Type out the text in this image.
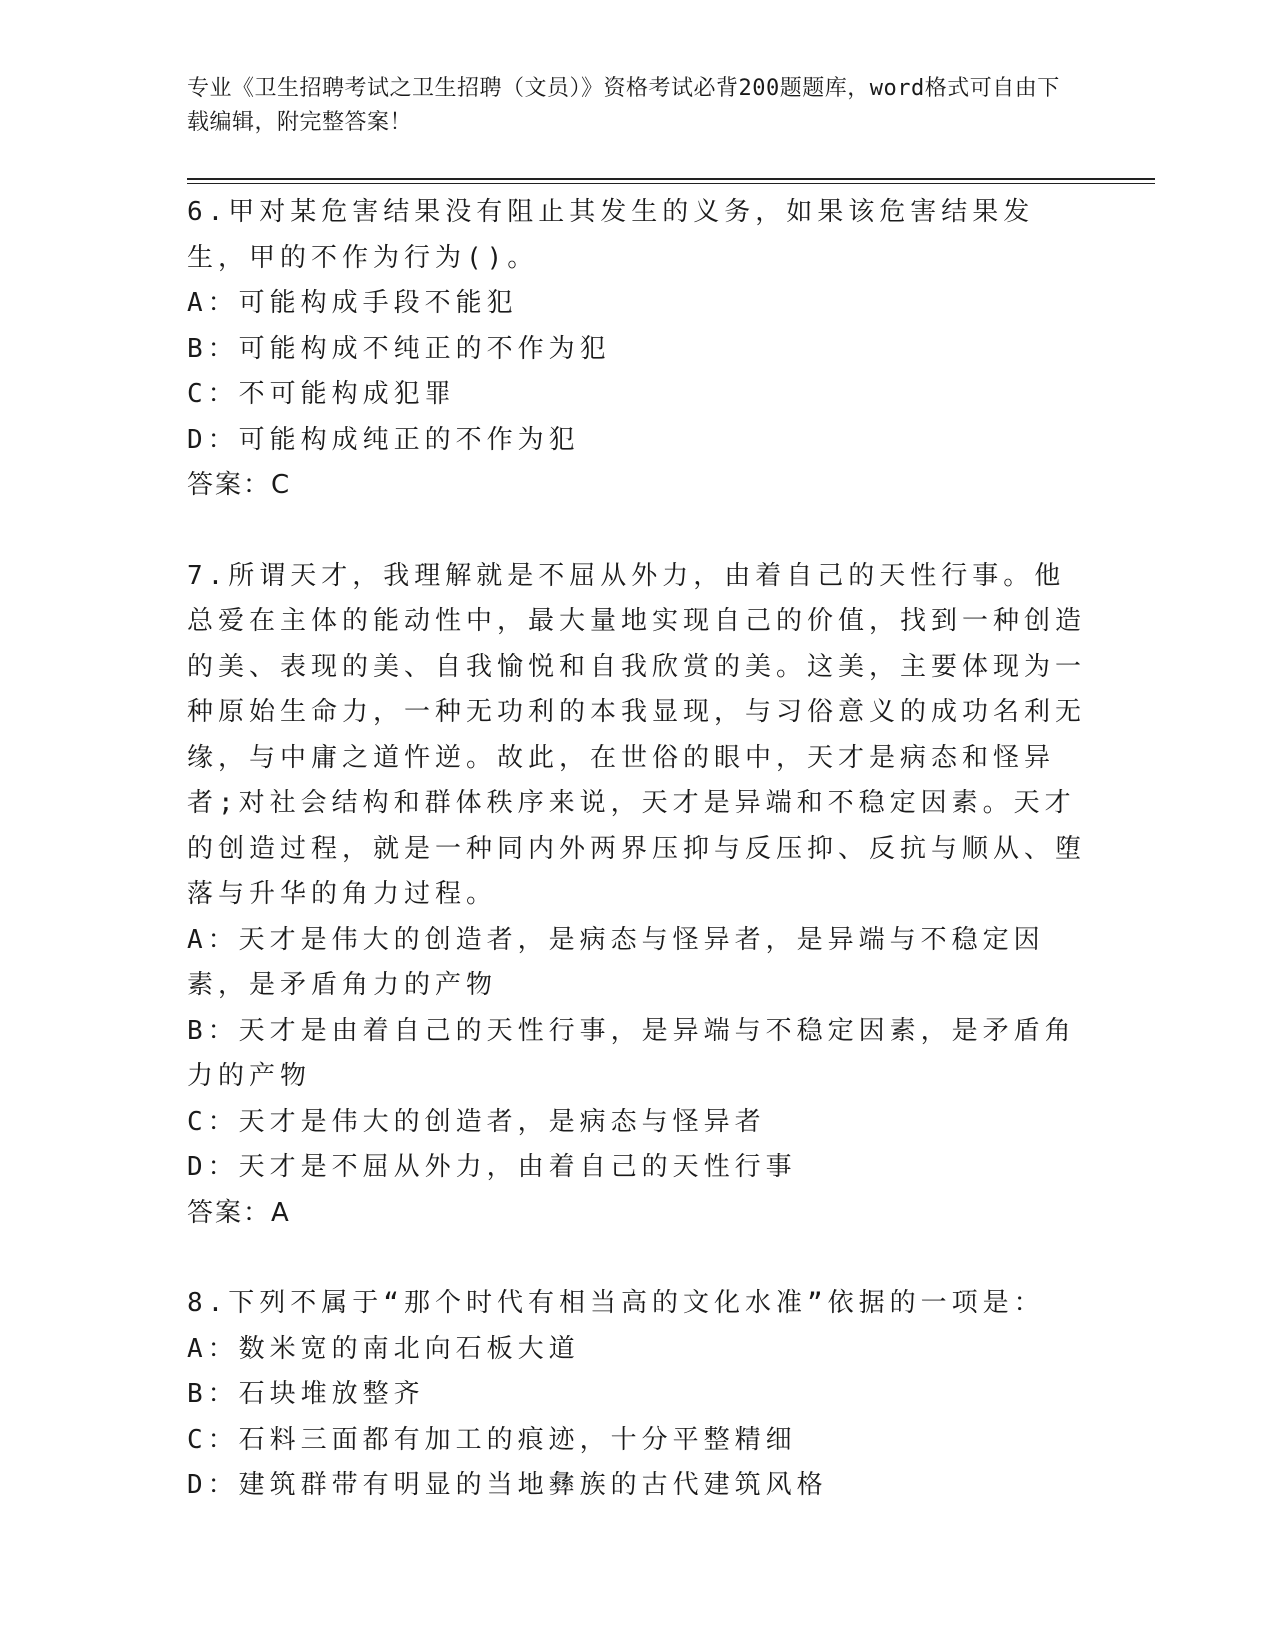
专业《卫生招聘考试之卫生招聘（文员）》资格考试必背200题题库，word格式可自由下载编辑，附完整答案！

6.甲对某危害结果没有阻止其发生的义务，如果该危害结果发生，甲的不作为行为()。

A：可能构成手段不能犯

B：可能构成不纯正的不作为犯

C：不可能构成犯罪

D：可能构成纯正的不作为犯

答案：C

7.所谓天才，我理解就是不屈从外力，由着自己的天性行事。他总爱在主体的能动性中，最大量地实现自己的价值，找到一种创造的美、表现的美、自我愉悦和自我欣赏的美。这美，主要体现为一种原始生命力，一种无功利的本我显现，与习俗意义的成功名利无缘，与中庸之道忤逆。故此，在世俗的眼中，天才是病态和怪异者;对社会结构和群体秩序来说，天才是异端和不稳定因素。天才的创造过程，就是一种同内外两界压抑与反压抑、反抗与顺从、堕落与升华的角力过程。

A：天才是伟大的创造者，是病态与怪异者，是异端与不稳定因素，是矛盾角力的产物

B：天才是由着自己的天性行事，是异端与不稳定因素，是矛盾角力的产物

C：天才是伟大的创造者，是病态与怪异者

D：天才是不屈从外力，由着自己的天性行事

答案：A

8.下列不属于“那个时代有相当高的文化水准”依据的一项是：

A：数米宽的南北向石板大道

B：石块堆放整齐

C：石料三面都有加工的痕迹，十分平整精细

D：建筑群带有明显的当地彝族的古代建筑风格
